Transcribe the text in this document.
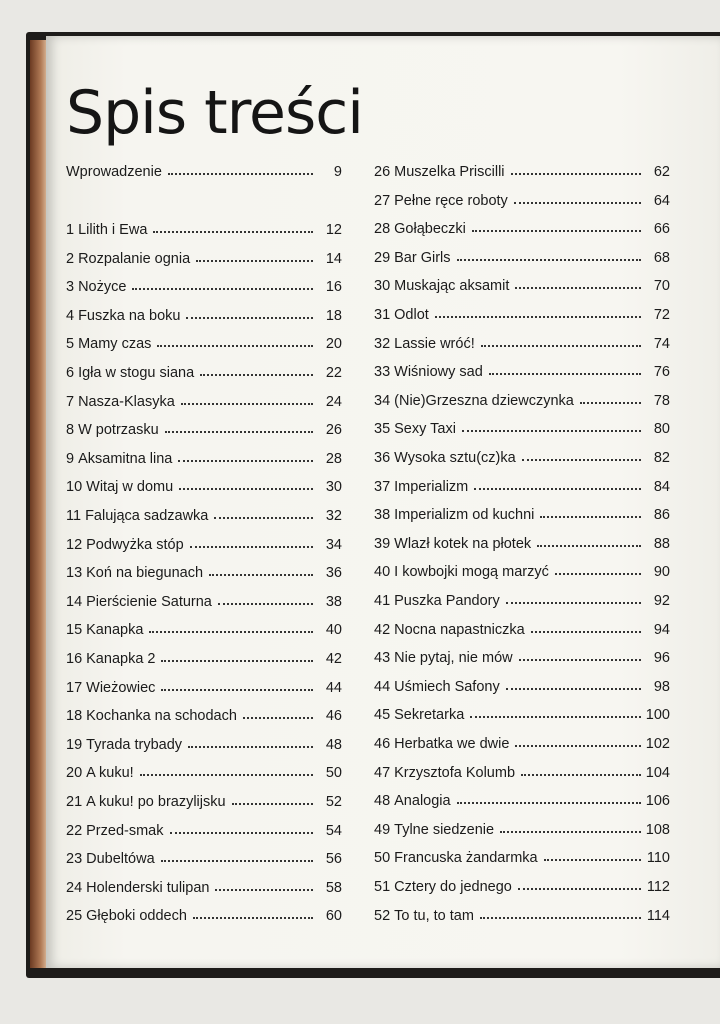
Spis treści
Wprowadzenie	9
1 Lilith i Ewa	12
2 Rozpalanie ognia	14
3 Nożyce	16
4 Fuszka na boku	18
5 Mamy czas	20
6 Igła w stogu siana	22
7 Nasza-Klasyka	24
8 W potrzasku	26
9 Aksamitna lina	28
10 Witaj w domu	30
11 Falująca sadzawka	32
12 Podwyżka stóp	34
13 Koń na biegunach	36
14 Pierścienie Saturna	38
15 Kanapka	40
16 Kanapka 2	42
17 Wieżowiec	44
18 Kochanka na schodach	46
19 Tyrada trybady	48
20 A kuku!	50
21 A kuku! po brazylijsku	52
22 Przed-smak	54
23 Dubeltówa	56
24 Holenderski tulipan	58
25 Głęboki oddech	60
26 Muszelka Priscilli	62
27 Pełne ręce roboty	64
28 Gołąbeczki	66
29 Bar Girls	68
30 Muskając aksamit	70
31 Odlot	72
32 Lassie wróć!	74
33 Wiśniowy sad	76
34 (Nie)Grzeszna dziewczynka	78
35 Sexy Taxi	80
36 Wysoka sztu(cz)ka	82
37 Imperializm	84
38 Imperializm od kuchni	86
39 Wlazł kotek na płotek	88
40 I kowbojki mogą marzyć	90
41 Puszka Pandory	92
42 Nocna napastniczka	94
43 Nie pytaj, nie mów	96
44 Uśmiech Safony	98
45 Sekretarka	100
46 Herbatka we dwie	102
47 Krzysztofa Kolumb	104
48 Analogia	106
49 Tylne siedzenie	108
50 Francuska żandarmka	110
51 Cztery do jednego	112
52 To tu, to tam	114
